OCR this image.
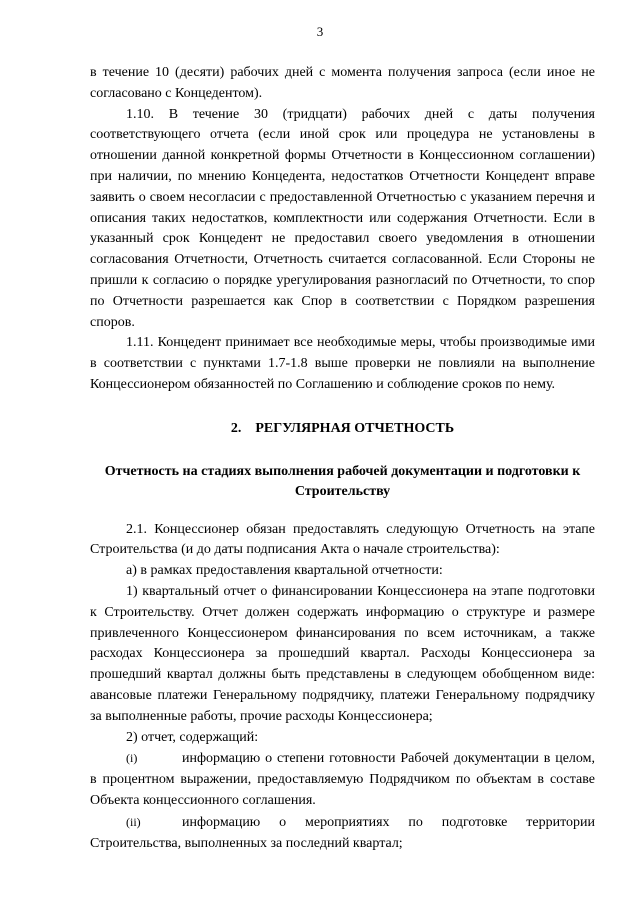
3

в течение 10 (десяти) рабочих дней с момента получения запроса (если иное не согласовано с Концедентом).

1.10. В течение 30 (тридцати) рабочих дней с даты получения соответствующего отчета (если иной срок или процедура не установлены в отношении данной конкретной формы Отчетности в Концессионном соглашении) при наличии, по мнению Концедента, недостатков Отчетности Концедент вправе заявить о своем несогласии с предоставленной Отчетностью с указанием перечня и описания таких недостатков, комплектности или содержания Отчетности. Если в указанный срок Концедент не предоставил своего уведомления в отношении согласования Отчетности, Отчетность считается согласованной. Если Стороны не пришли к согласию о порядке урегулирования разногласий по Отчетности, то спор по Отчетности разрешается как Спор в соответствии с Порядком разрешения споров.

1.11. Концедент принимает все необходимые меры, чтобы производимые ими в соответствии с пунктами 1.7-1.8 выше проверки не повлияли на выполнение Концессионером обязанностей по Соглашению и соблюдение сроков по нему.

2. РЕГУЛЯРНАЯ ОТЧЕТНОСТЬ
Отчетность на стадиях выполнения рабочей документации и подготовки к Строительству

2.1. Концессионер обязан предоставлять следующую Отчетность на этапе Строительства (и до даты подписания Акта о начале строительства):

а) в рамках предоставления квартальной отчетности:

1) квартальный отчет о финансировании Концессионера на этапе подготовки к Строительству. Отчет должен содержать информацию о структуре и размере привлеченного Концессионером финансирования по всем источникам, а также расходах Концессионера за прошедший квартал. Расходы Концессионера за прошедший квартал должны быть представлены в следующем обобщенном виде: авансовые платежи Генеральному подрядчику, платежи Генеральному подрядчику за выполненные работы, прочие расходы Концессионера;

2) отчет, содержащий:

(i)	информацию о степени готовности Рабочей документации в целом, в процентном выражении, предоставляемую Подрядчиком по объектам в составе Объекта концессионного соглашения.

(ii)	информацию о мероприятиях по подготовке территории Строительства, выполненных за последний квартал;
